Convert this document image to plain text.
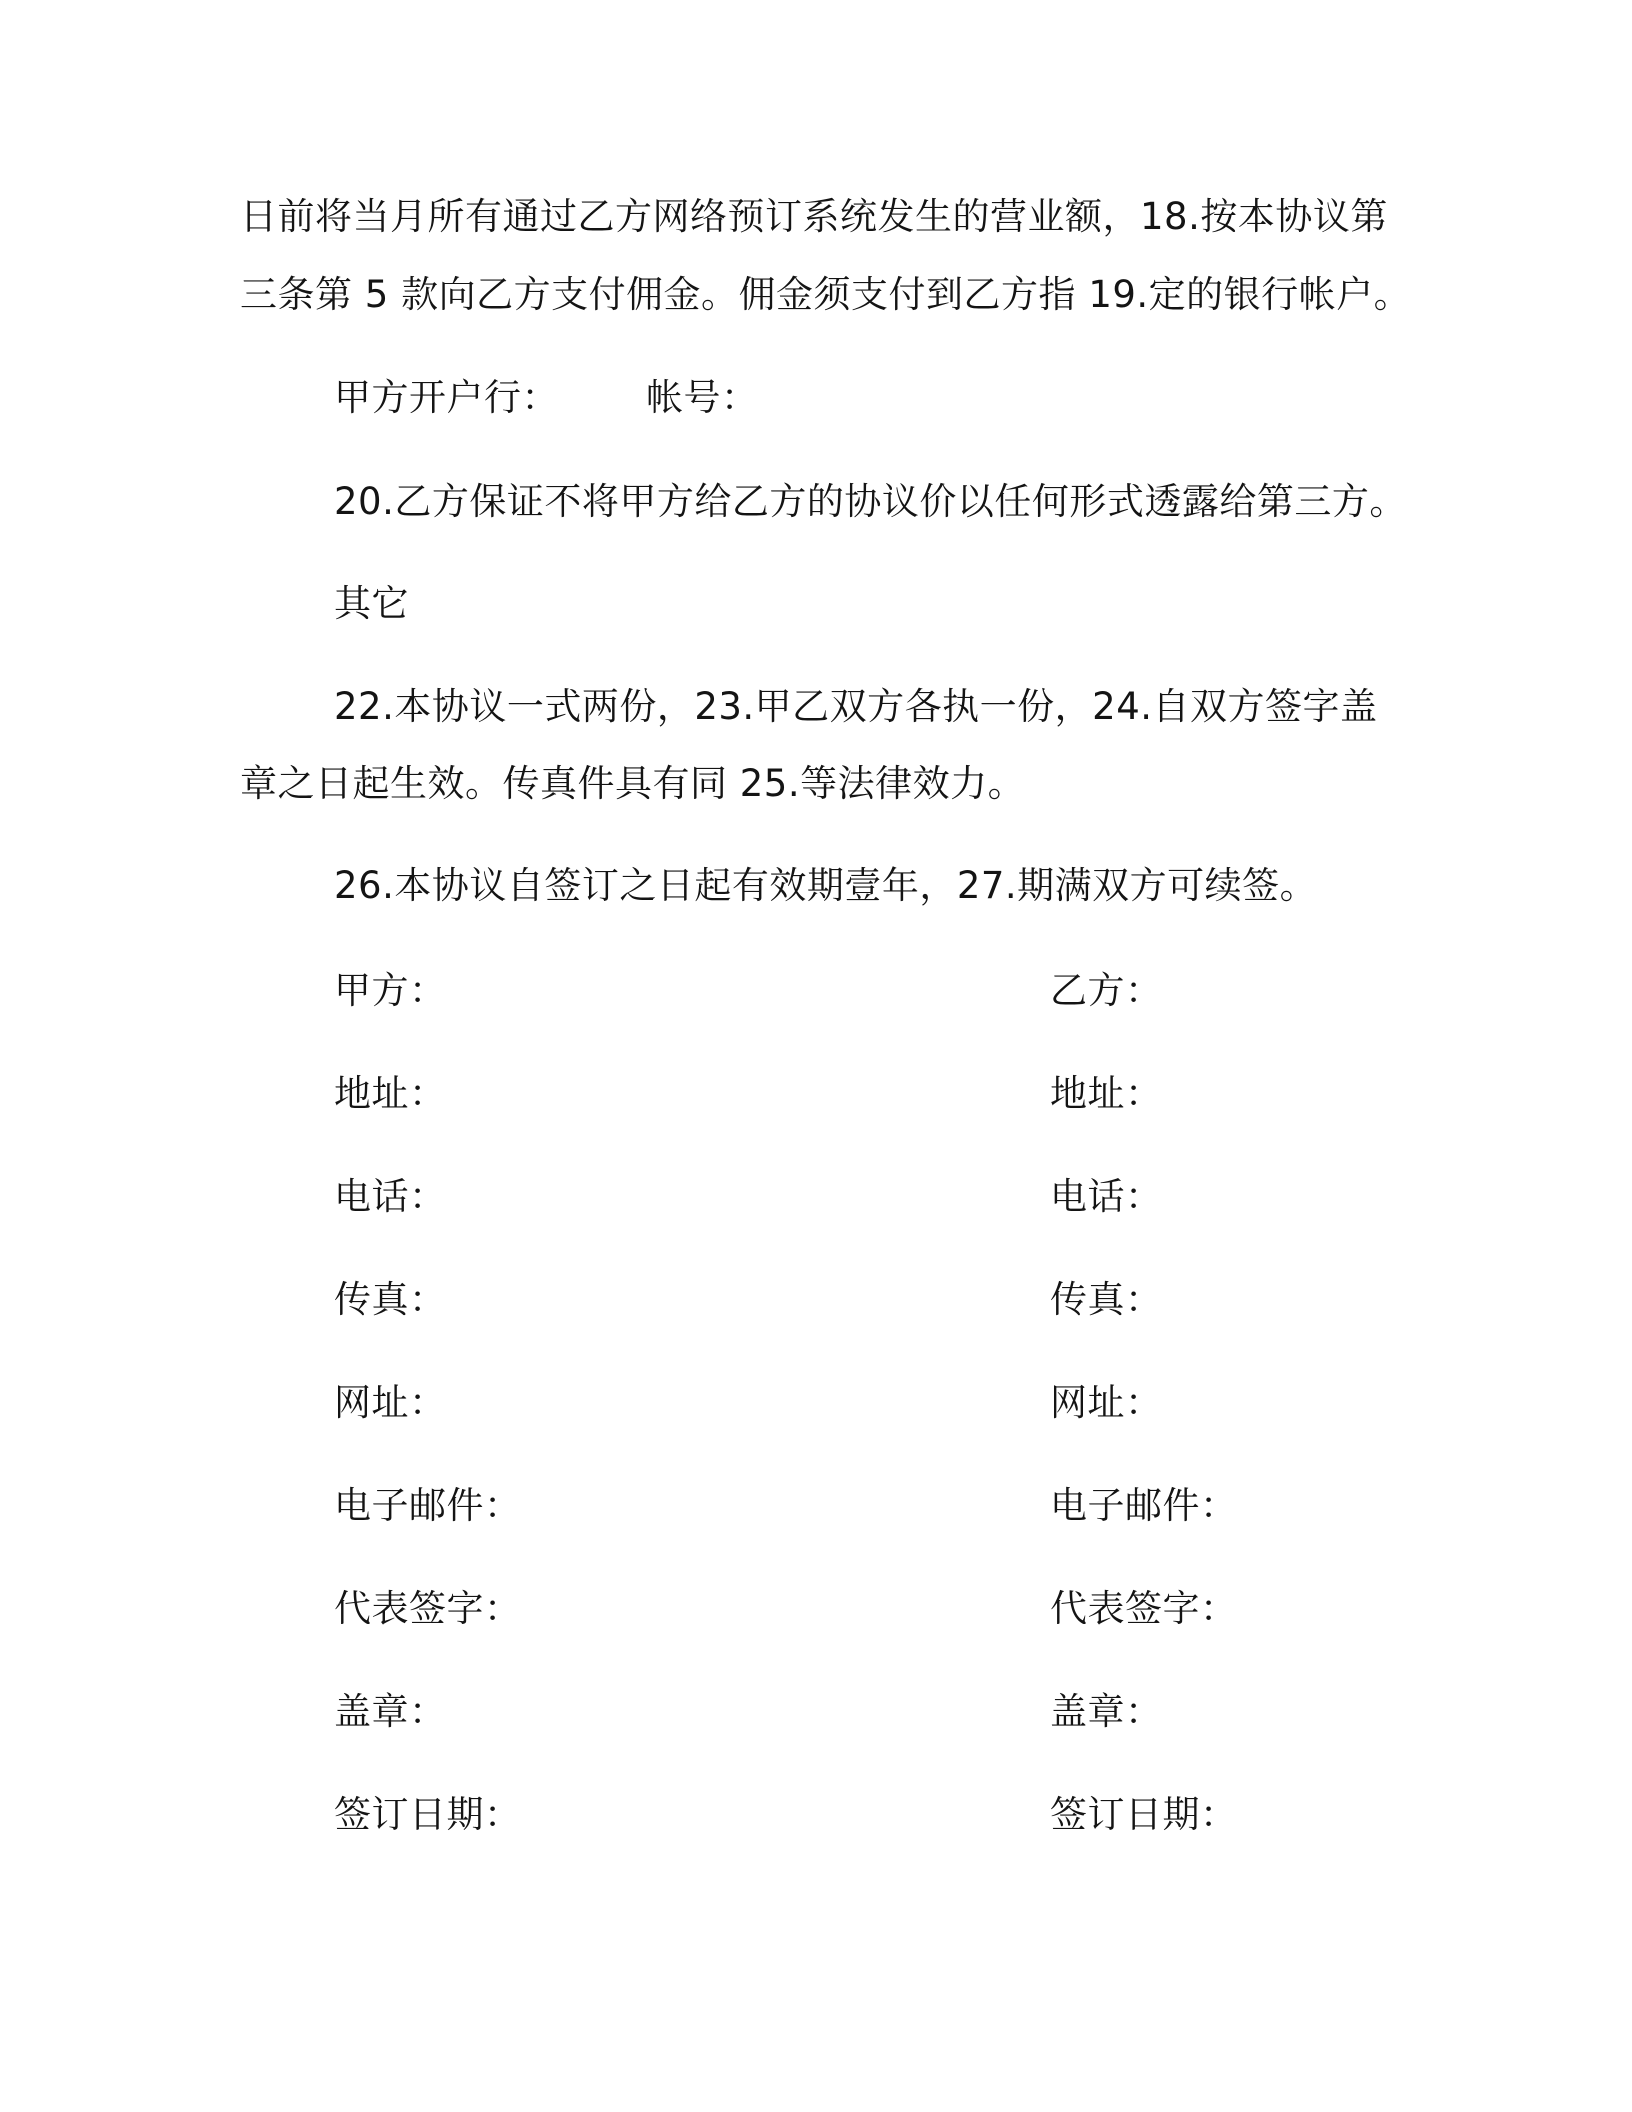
日前将当月所有通过乙方网络预订系统发生的营业额，18.按本协议第
三条第 5 款向乙方支付佣金。佣金须支付到乙方指 19.定的银行帐户。
甲方开户行： 帐号：
20.乙方保证不将甲方给乙方的协议价以任何形式透露给第三方。
其它
22.本协议一式两份，23.甲乙双方各执一份，24.自双方签字盖
章之日起生效。传真件具有同 25.等法律效力。
26.本协议自签订之日起有效期壹年，27.期满双方可续签。
甲方：
地址：
电话：
传真：
网址：
电子邮件：
代表签字：
盖章：
签订日期：
乙方：
地址：
电话：
传真：
网址：
电子邮件：
代表签字：
盖章：
签订日期：
